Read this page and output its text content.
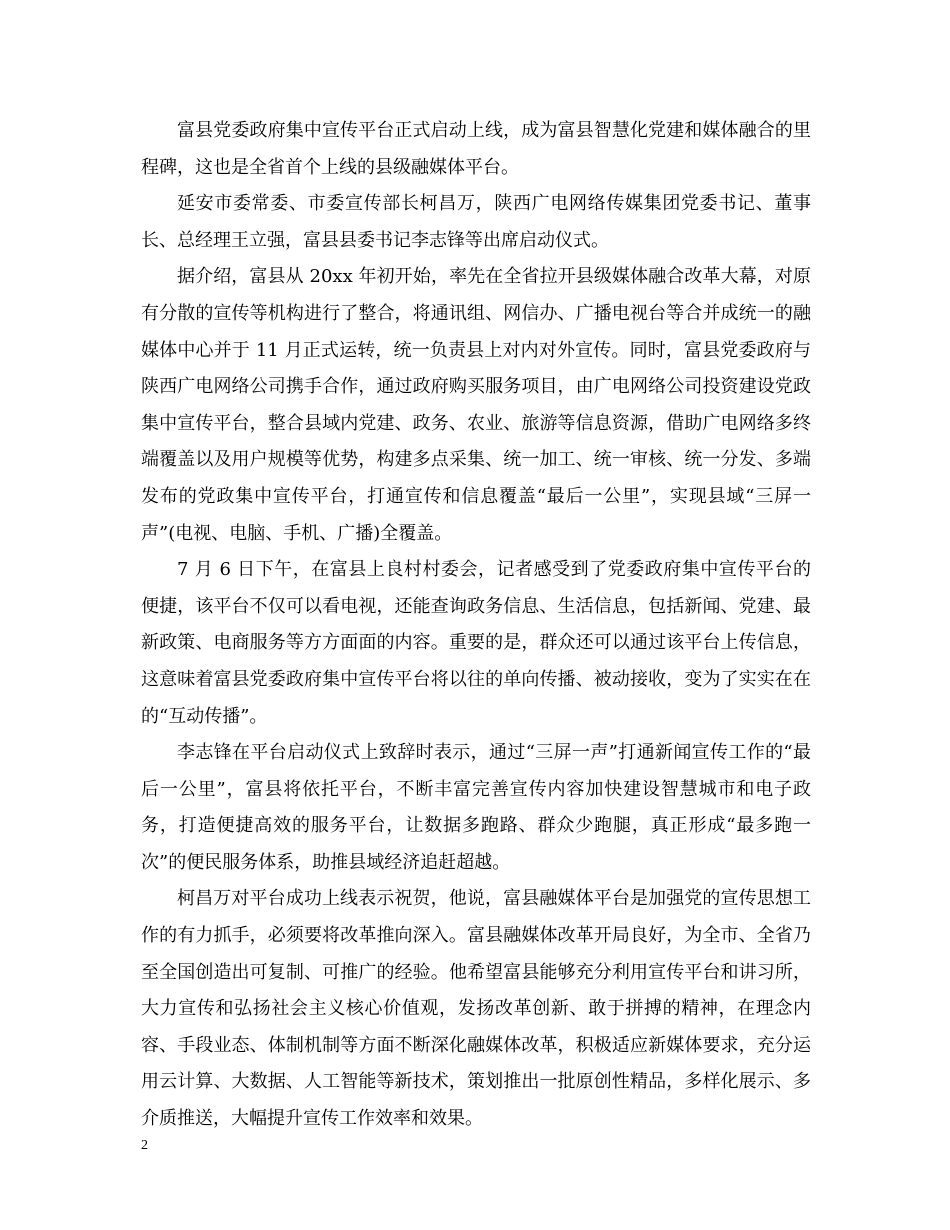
富县党委政府集中宣传平台正式启动上线，成为富县智慧化党建和媒体融合的里程碑，这也是全省首个上线的县级融媒体平台。

延安市委常委、市委宣传部长柯昌万，陕西广电网络传媒集团党委书记、董事长、总经理王立强，富县县委书记李志锋等出席启动仪式。

据介绍，富县从 20xx 年初开始，率先在全省拉开县级媒体融合改革大幕，对原有分散的宣传等机构进行了整合，将通讯组、网信办、广播电视台等合并成统一的融媒体中心并于 11 月正式运转，统一负责县上对内对外宣传。同时，富县党委政府与陕西广电网络公司携手合作，通过政府购买服务项目，由广电网络公司投资建设党政集中宣传平台，整合县域内党建、政务、农业、旅游等信息资源，借助广电网络多终端覆盖以及用户规模等优势，构建多点采集、统一加工、统一审核、统一分发、多端发布的党政集中宣传平台，打通宣传和信息覆盖“最后一公里”，实现县域“三屏一声”(电视、电脑、手机、广播)全覆盖。

7 月 6 日下午，在富县上良村村委会，记者感受到了党委政府集中宣传平台的便捷，该平台不仅可以看电视，还能查询政务信息、生活信息，包括新闻、党建、最新政策、电商服务等方方面面的内容。重要的是，群众还可以通过该平台上传信息，这意味着富县党委政府集中宣传平台将以往的单向传播、被动接收，变为了实实在在的“互动传播”。

李志锋在平台启动仪式上致辞时表示，通过“三屏一声”打通新闻宣传工作的“最后一公里”，富县将依托平台，不断丰富完善宣传内容加快建设智慧城市和电子政务，打造便捷高效的服务平台，让数据多跑路、群众少跑腿，真正形成“最多跑一次”的便民服务体系，助推县域经济追赶超越。

柯昌万对平台成功上线表示祝贺，他说，富县融媒体平台是加强党的宣传思想工作的有力抓手，必须要将改革推向深入。富县融媒体改革开局良好，为全市、全省乃至全国创造出可复制、可推广的经验。他希望富县能够充分利用宣传平台和讲习所，大力宣传和弘扬社会主义核心价值观，发扬改革创新、敢于拼搏的精神，在理念内容、手段业态、体制机制等方面不断深化融媒体改革，积极适应新媒体要求，充分运用云计算、大数据、人工智能等新技术，策划推出一批原创性精品，多样化展示、多介质推送，大幅提升宣传工作效率和效果。

2
